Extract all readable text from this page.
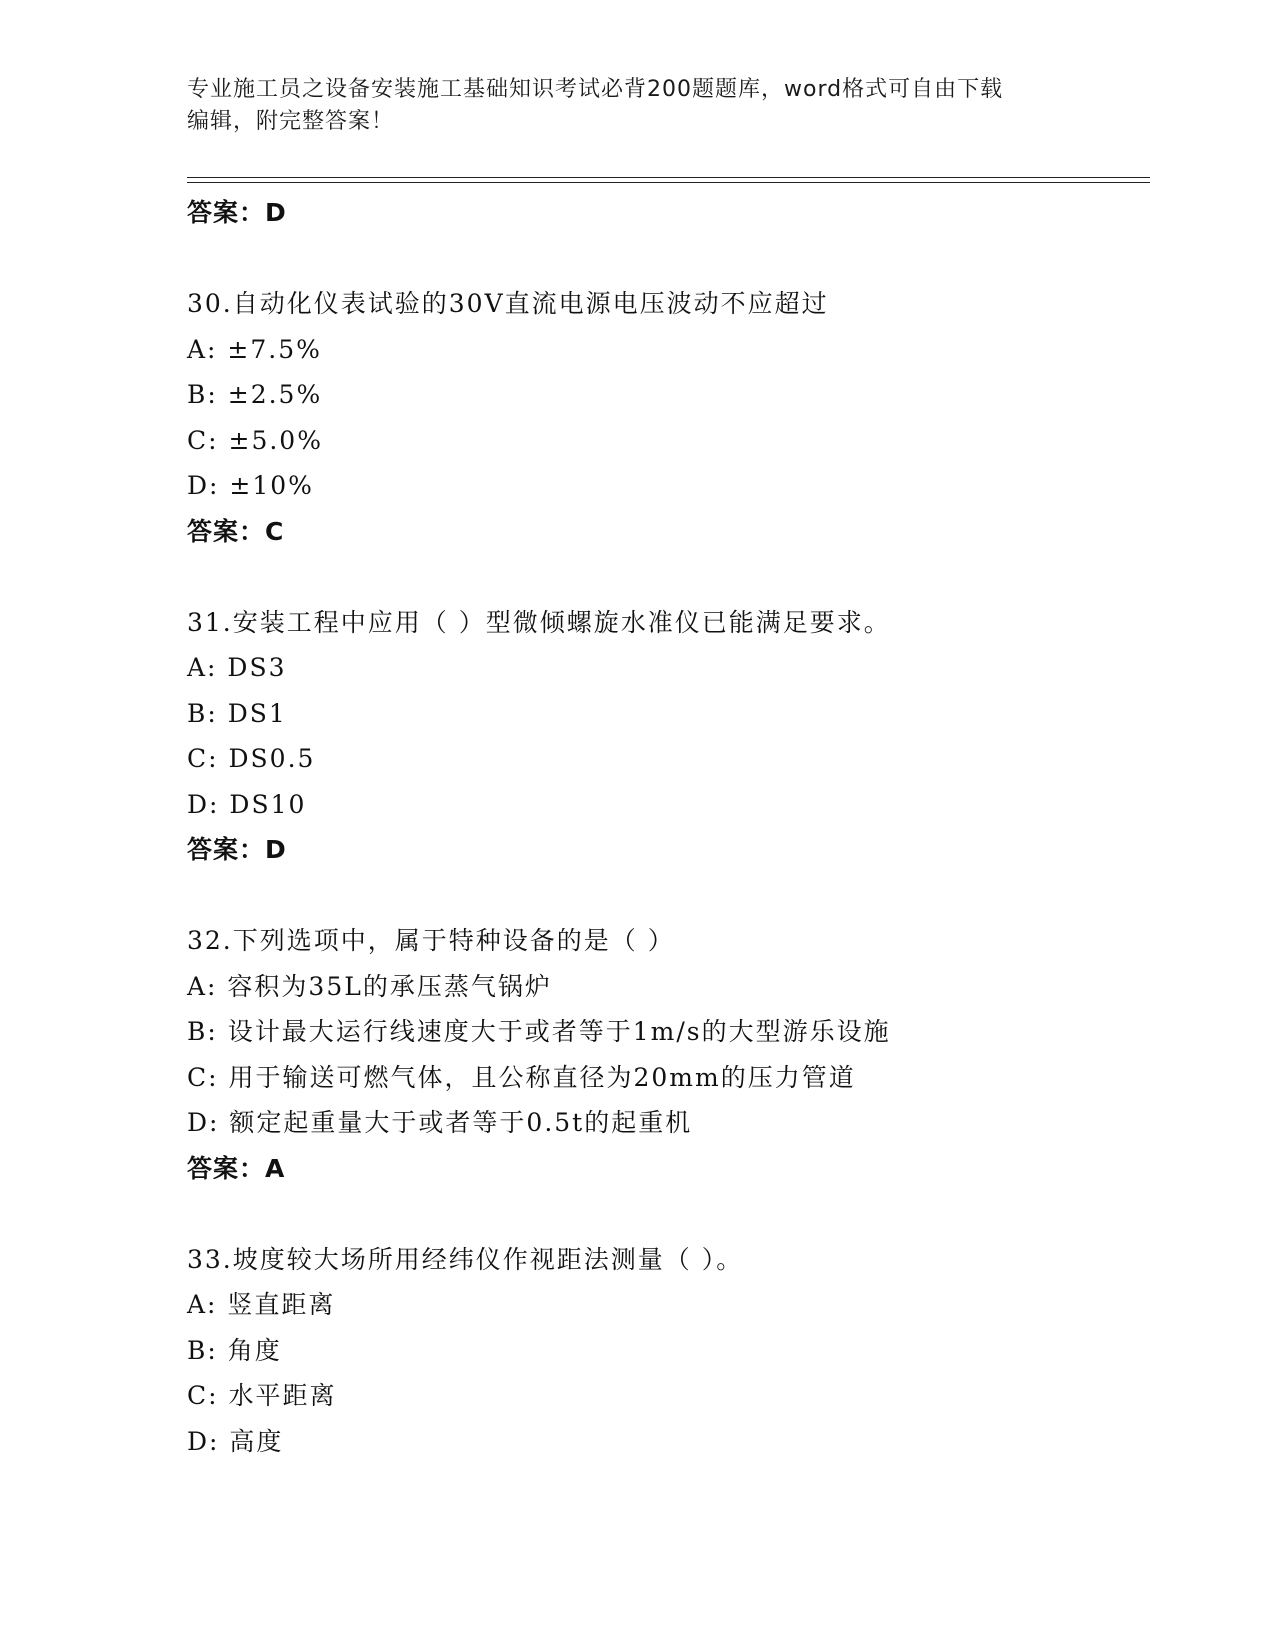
专业施工员之设备安装施工基础知识考试必背200题题库，word格式可自由下载
编辑，附完整答案！
答案：D
30.自动化仪表试验的30V直流电源电压波动不应超过
A: ±7.5%
B: ±2.5%
C: ±5.0%
D: ±10%
答案：C
31.安装工程中应用（ ）型微倾螺旋水准仪已能满足要求。
A: DS3
B: DS1
C: DS0.5
D: DS10
答案：D
32.下列选项中，属于特种设备的是（ ）
A: 容积为35L的承压蒸气锅炉
B: 设计最大运行线速度大于或者等于1m/s的大型游乐设施
C: 用于输送可燃气体，且公称直径为20mm的压力管道
D: 额定起重量大于或者等于0.5t的起重机
答案：A
33.坡度较大场所用经纬仪作视距法测量（ ）。
A: 竖直距离
B: 角度
C: 水平距离
D: 高度
